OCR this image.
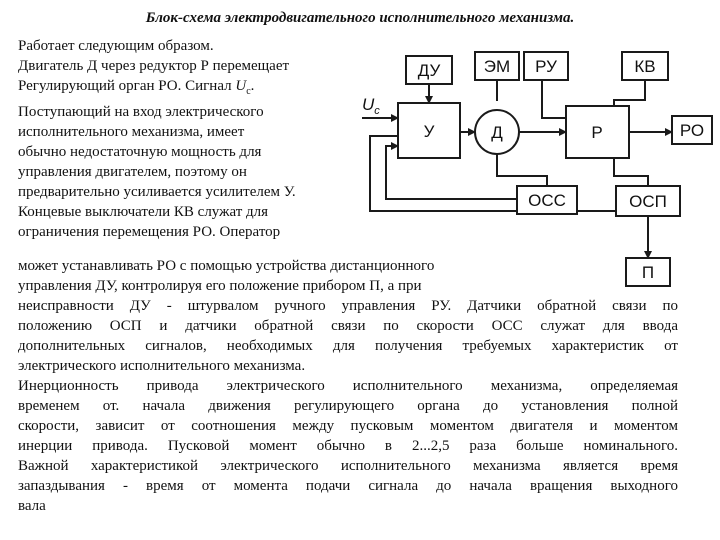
Блок-схема электродвигательного исполнительного механизма.
Работает следующим образом.
Двигатель Д через редуктор Р перемещает
Регулирующий орган РО. Сигнал $U_с$.
Поступающий на вход электрического
исполнительного механизма, имеет
обычно недостаточную мощность для
управления двигателем, поэтому он
предварительно усиливается усилителем У.
Концевые выключатели КВ служат для
ограничения перемещения РО. Оператор
может устанавливать РО с помощью устройства дистанционного
управления ДУ, контролируя его положение прибором П, а при
неисправности ДУ - штурвалом ручного управления РУ. Датчики обратной связи по
положению ОСП и датчики обратной связи по скорости ОСС служат для ввода
дополнительных сигналов, необходимых для получения требуемых характеристик от
электрического исполнительного механизма.
Инерционность привода электрического исполнительного механизма, определяемая
временем от. начала движения регулирующего органа до установления полной
скорости, зависит от соотношения между пусковым моментом двигателя и моментом
инерции привода. Пусковой момент обычно в 2...2,5 раза больше номинального.
Важной характеристикой электрического исполнительного механизма является время
запаздывания - время от момента подачи сигнала до начала вращения выходного
вала
ДУ	ЭМ РУ	КВ
У	Д	Р	РО
ОСС	ОСП
П
$U_с$
